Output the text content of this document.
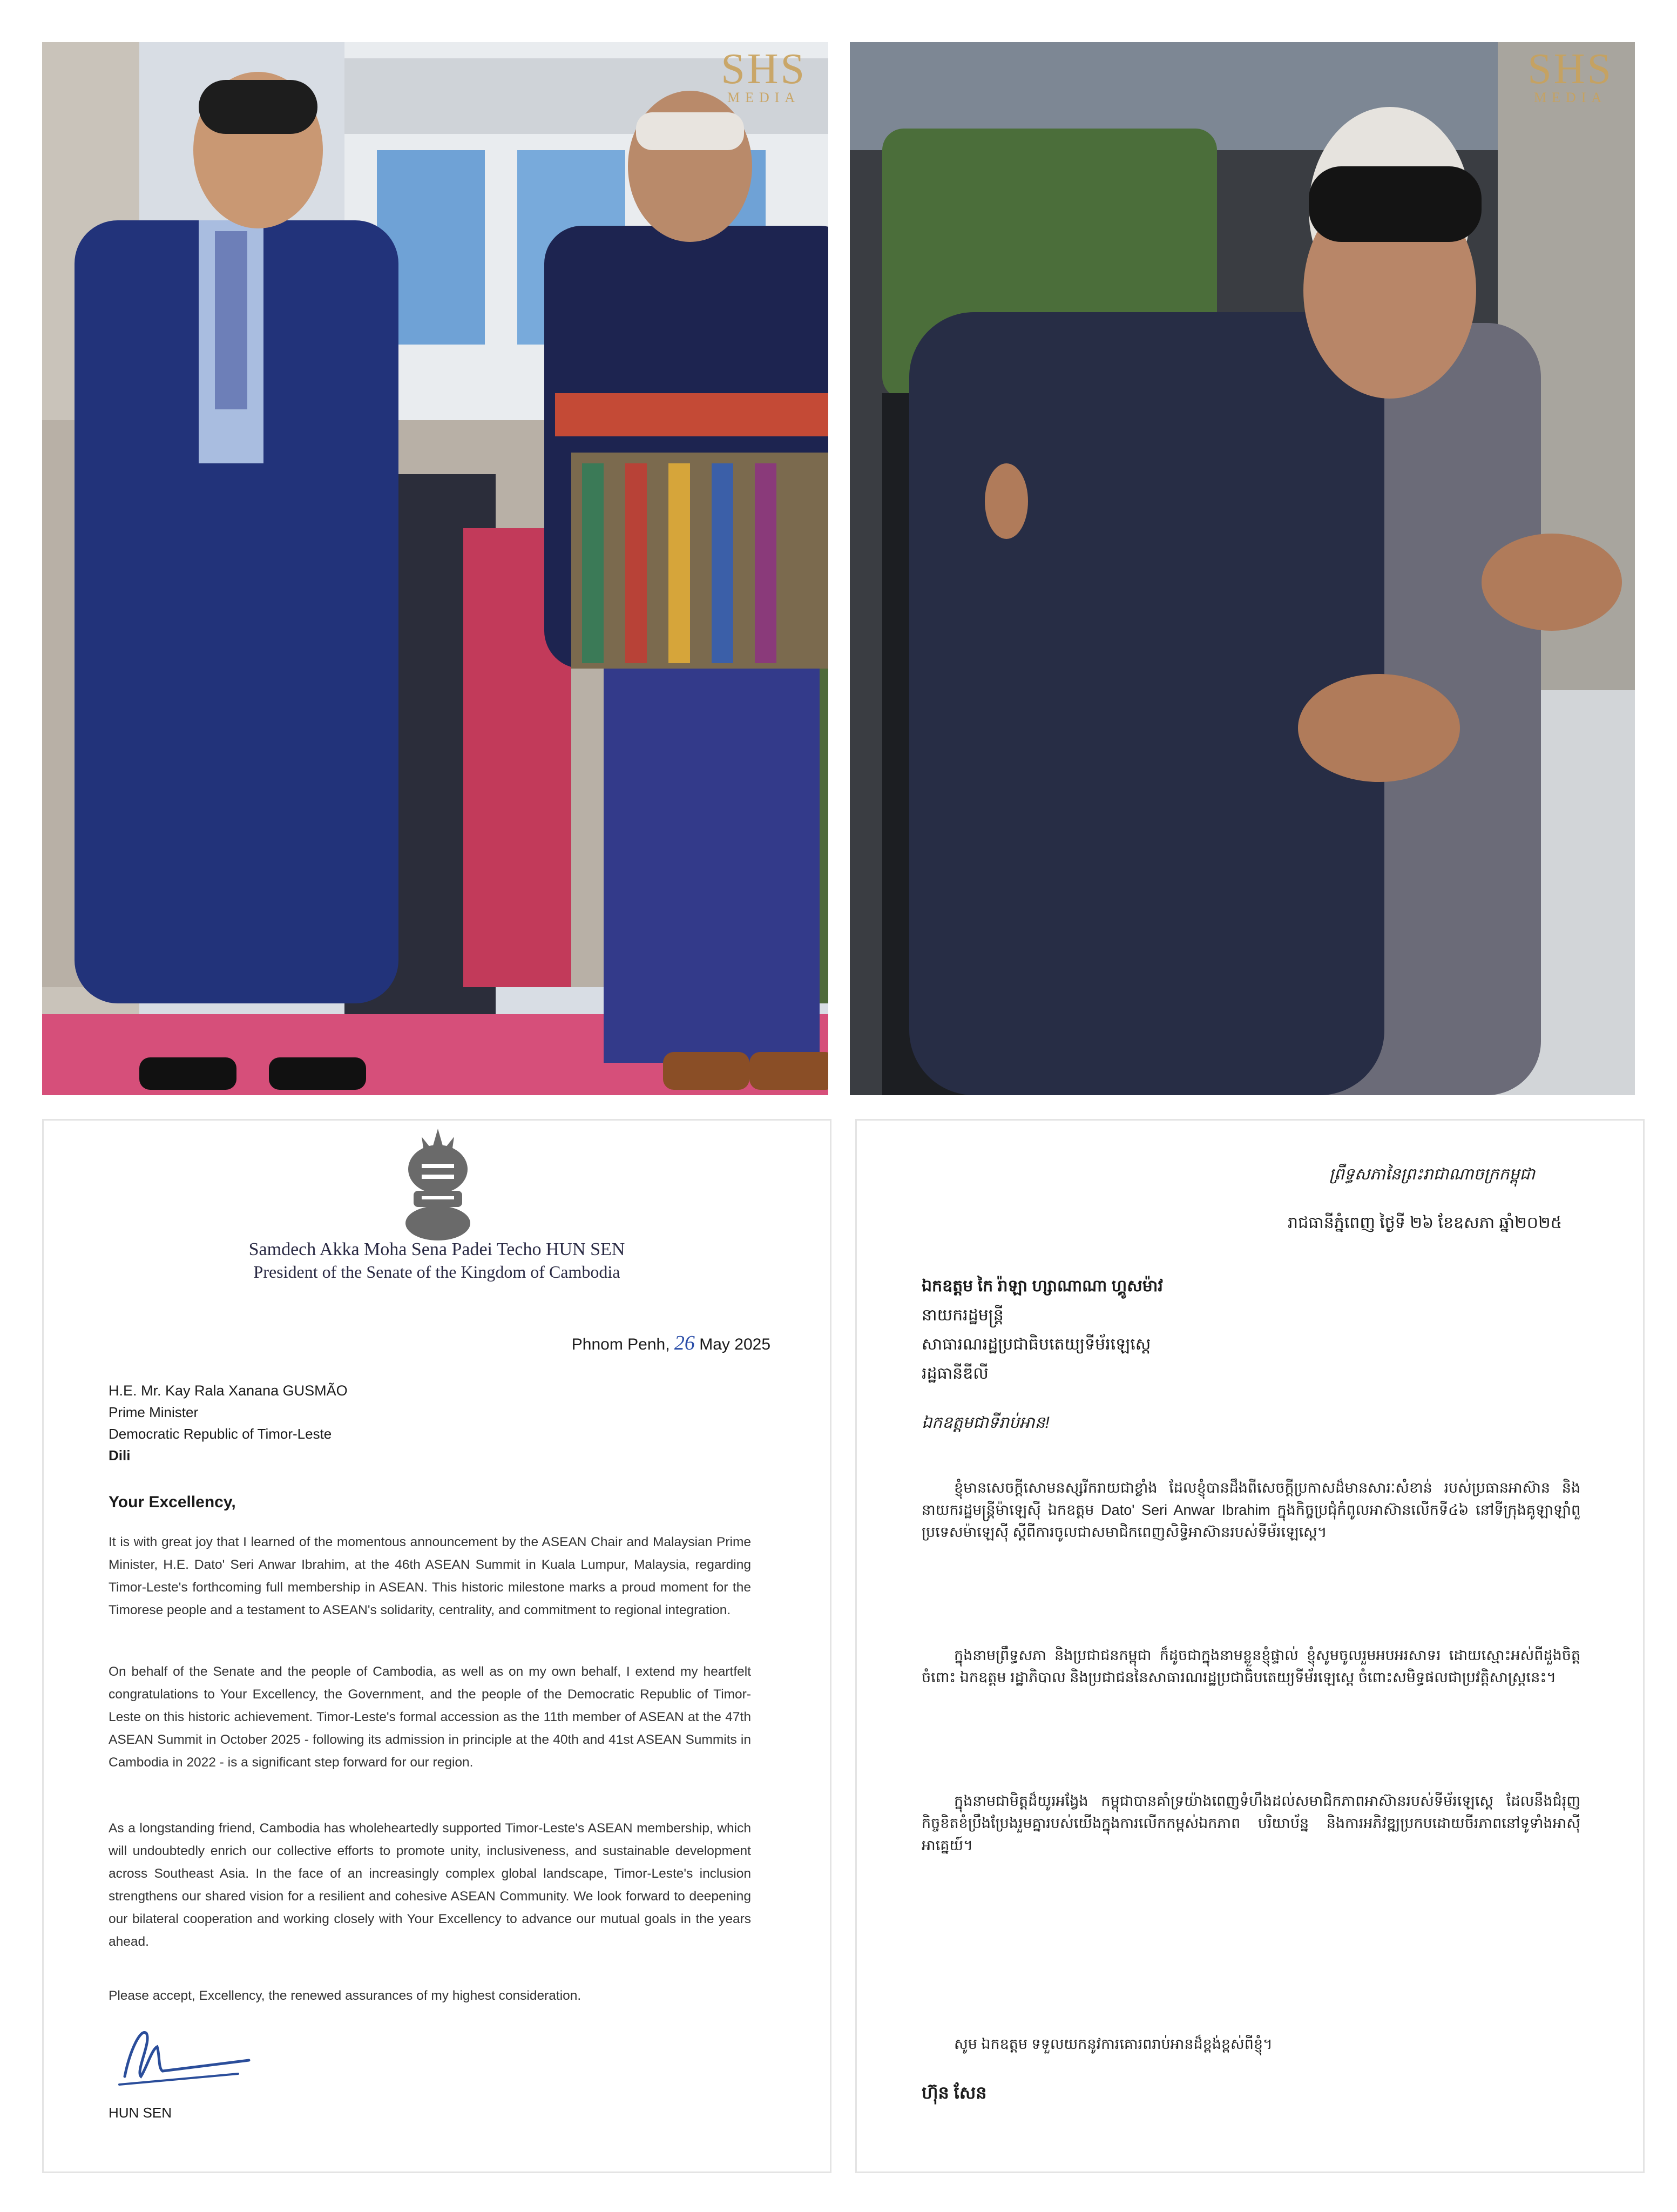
SHS
MEDIA
SHS
MEDIA
Samdech Akka Moha Sena Padei Techo HUN SEN
President of the Senate of the Kingdom of Cambodia
Phnom Penh, 26 May 2025
H.E. Mr. Kay Rala Xanana GUSMÃO
Prime Minister
Democratic Republic of Timor-Leste
Dili
Your Excellency,
It is with great joy that I learned of the momentous announcement by the ASEAN Chair and Malaysian Prime Minister, H.E. Dato' Seri Anwar Ibrahim, at the 46th ASEAN Summit in Kuala Lumpur, Malaysia, regarding Timor-Leste's forthcoming full membership in ASEAN. This historic milestone marks a proud moment for the Timorese people and a testament to ASEAN's solidarity, centrality, and commitment to regional integration.
On behalf of the Senate and the people of Cambodia, as well as on my own behalf, I extend my heartfelt congratulations to Your Excellency, the Government, and the people of the Democratic Republic of Timor-Leste on this historic achievement. Timor-Leste's formal accession as the 11th member of ASEAN at the 47th ASEAN Summit in October 2025 - following its admission in principle at the 40th and 41st ASEAN Summits in Cambodia in 2022 - is a significant step forward for our region.
As a longstanding friend, Cambodia has wholeheartedly supported Timor-Leste's ASEAN membership, which will undoubtedly enrich our collective efforts to promote unity, inclusiveness, and sustainable development across Southeast Asia. In the face of an increasingly complex global landscape, Timor-Leste's inclusion strengthens our shared vision for a resilient and cohesive ASEAN Community. We look forward to deepening our bilateral cooperation and working closely with Your Excellency to advance our mutual goals in the years ahead.
Please accept, Excellency, the renewed assurances of my highest consideration.
HUN SEN
ព្រឹទ្ធសភានៃព្រះរាជាណាចក្រកម្ពុជា
រាជធានីភ្នំពេញ ថ្ងៃទី ២៦ ខែឧសភា ឆ្នាំ២០២៥
ឯកឧត្តម កៃ រ៉ាឡា ហ្សាណាណា ហ្គូសម៉ាវ
នាយករដ្ឋមន្ត្រី
សាធារណរដ្ឋប្រជាធិបតេយ្យទីម័រឡេស្តេ
រដ្ឋធានីឌីលី
ឯកឧត្តមជាទីរាប់អាន!
ខ្ញុំមានសេចក្តីសោមនស្សរីករាយជាខ្លាំង ដែលខ្ញុំបានដឹងពីសេចក្តីប្រកាសដ៏មានសារៈសំខាន់ របស់ប្រធានអាស៊ាន និងនាយករដ្ឋមន្ត្រីម៉ាឡេស៊ី ឯកឧត្តម Dato' Seri Anwar Ibrahim ក្នុងកិច្ចប្រជុំកំពូលអាស៊ានលើកទី៤៦ នៅទីក្រុងគូឡាឡាំពួ ប្រទេសម៉ាឡេស៊ី ស្តីពីការចូលជាសមាជិកពេញសិទ្ធិអាស៊ានរបស់ទីម័រឡេស្តេ។
ក្នុងនាមព្រឹទ្ធសភា និងប្រជាជនកម្ពុជា ក៏ដូចជាក្នុងនាមខ្លួនខ្ញុំផ្ទាល់ ខ្ញុំសូមចូលរួមអបអរសាទរ ដោយស្មោះអស់ពីដួងចិត្តចំពោះ ឯកឧត្តម រដ្ឋាភិបាល និងប្រជាជននៃសាធារណរដ្ឋប្រជាធិបតេយ្យទីម័រឡេស្តេ ចំពោះសមិទ្ធផលជាប្រវត្តិសាស្ត្រនេះ។
ក្នុងនាមជាមិត្តដ៏យូរអង្វែង កម្ពុជាបានគាំទ្រយ៉ាងពេញទំហឹងដល់សមាជិកភាពអាស៊ានរបស់ទីម័រឡេស្តេ ដែលនឹងជំរុញកិច្ចខិតខំប្រឹងប្រែងរួមគ្នារបស់យើងក្នុងការលើកកម្ពស់ឯកភាព បរិយាប័ន្ន និងការអភិវឌ្ឍប្រកបដោយចីរភាពនៅទូទាំងអាស៊ីអាគ្នេយ៍។
សូម ឯកឧត្តម ទទួលយកនូវការគោរពរាប់អានដ៏ខ្ពង់ខ្ពស់ពីខ្ញុំ។
ហ៊ុន សែន
